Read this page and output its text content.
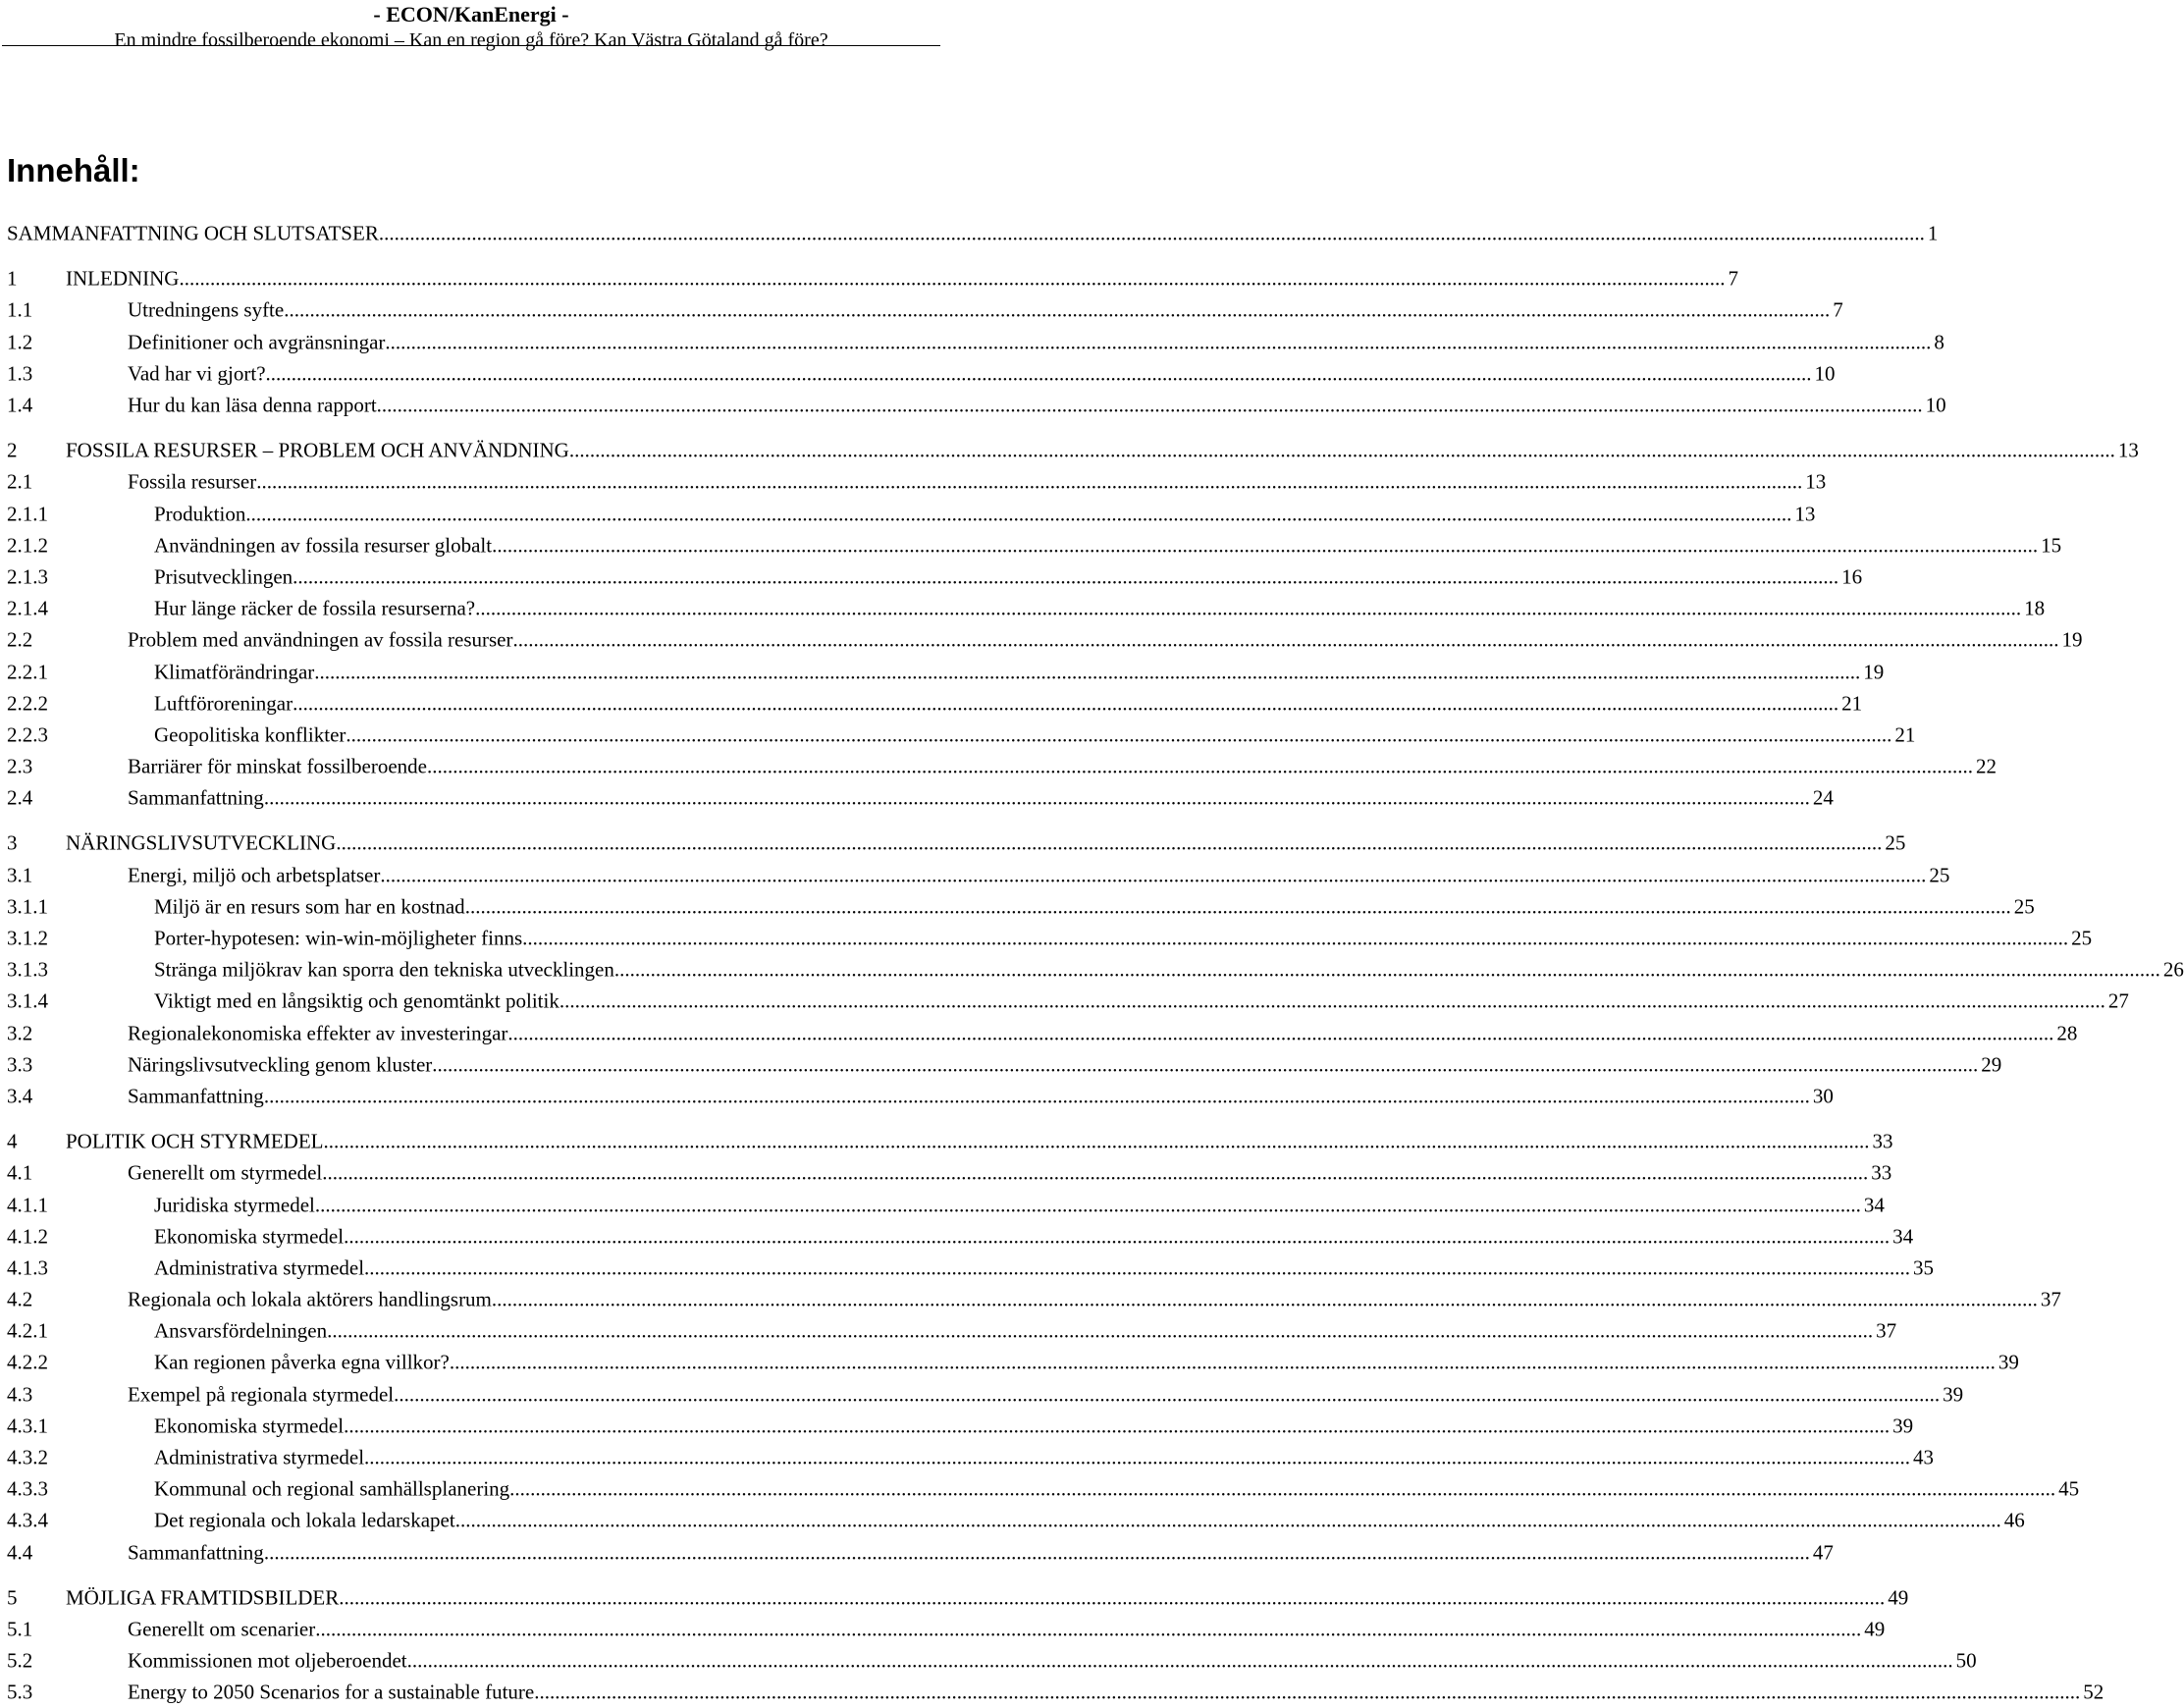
- ECON/KanEnergi -
En mindre fossilberoende ekonomi – Kan en region gå före? Kan Västra Götaland gå före?
Innehåll:
SAMMANFATTNING OCH SLUTSATSER ............................................................................................................................................................................................................................................................................................................ 1
1 INLEDNING ............................................................................................................................................................................................................................................................................................................ 7
1.1	Utredningens syfte ............................................................................................................................................................................................................................................................................................................ 7
1.2	Definitioner och avgränsningar ............................................................................................................................................................................................................................................................................................................ 8
1.3	Vad har vi gjort? ............................................................................................................................................................................................................................................................................................................ 10
1.4	Hur du kan läsa denna rapport ............................................................................................................................................................................................................................................................................................................ 10
2 FOSSILA RESURSER – PROBLEM OCH ANVÄNDNING ............................................................................................................................................................................................................................................................................................................ 13
2.1	Fossila resurser ............................................................................................................................................................................................................................................................................................................ 13
2.1.1	Produktion ............................................................................................................................................................................................................................................................................................................ 13
2.1.2	Användningen av fossila resurser globalt ............................................................................................................................................................................................................................................................................................................ 15
2.1.3	Prisutvecklingen ............................................................................................................................................................................................................................................................................................................ 16
2.1.4	Hur länge räcker de fossila resurserna? ............................................................................................................................................................................................................................................................................................................ 18
2.2	Problem med användningen av fossila resurser ............................................................................................................................................................................................................................................................................................................ 19
2.2.1	Klimatförändringar ............................................................................................................................................................................................................................................................................................................ 19
2.2.2	Luftföroreningar ............................................................................................................................................................................................................................................................................................................ 21
2.2.3	Geopolitiska konflikter ............................................................................................................................................................................................................................................................................................................ 21
2.3	Barriärer för minskat fossilberoende ............................................................................................................................................................................................................................................................................................................ 22
2.4	Sammanfattning ............................................................................................................................................................................................................................................................................................................ 24
3 NÄRINGSLIVSUTVECKLING ............................................................................................................................................................................................................................................................................................................ 25
3.1	Energi, miljö och arbetsplatser ............................................................................................................................................................................................................................................................................................................ 25
3.1.1	Miljö är en resurs som har en kostnad ............................................................................................................................................................................................................................................................................................................ 25
3.1.2	Porter-hypotesen: win-win-möjligheter finns ............................................................................................................................................................................................................................................................................................................ 25
3.1.3	Stränga miljökrav kan sporra den tekniska utvecklingen ............................................................................................................................................................................................................................................................................................................ 26
3.1.4	Viktigt med en långsiktig och genomtänkt politik ............................................................................................................................................................................................................................................................................................................ 27
3.2	Regionalekonomiska effekter av investeringar ............................................................................................................................................................................................................................................................................................................ 28
3.3	Näringslivsutveckling genom kluster ............................................................................................................................................................................................................................................................................................................ 29
3.4	Sammanfattning ............................................................................................................................................................................................................................................................................................................ 30
4 POLITIK OCH STYRMEDEL ............................................................................................................................................................................................................................................................................................................ 33
4.1	Generellt om styrmedel ............................................................................................................................................................................................................................................................................................................ 33
4.1.1	Juridiska styrmedel ............................................................................................................................................................................................................................................................................................................ 34
4.1.2	Ekonomiska styrmedel ............................................................................................................................................................................................................................................................................................................ 34
4.1.3	Administrativa styrmedel ............................................................................................................................................................................................................................................................................................................ 35
4.2	Regionala och lokala aktörers handlingsrum ............................................................................................................................................................................................................................................................................................................ 37
4.2.1	Ansvarsfördelningen ............................................................................................................................................................................................................................................................................................................ 37
4.2.2	Kan regionen påverka egna villkor? ............................................................................................................................................................................................................................................................................................................ 39
4.3	Exempel på regionala styrmedel ............................................................................................................................................................................................................................................................................................................ 39
4.3.1	Ekonomiska styrmedel ............................................................................................................................................................................................................................................................................................................ 39
4.3.2	Administrativa styrmedel ............................................................................................................................................................................................................................................................................................................ 43
4.3.3	Kommunal och regional samhällsplanering ............................................................................................................................................................................................................................................................................................................ 45
4.3.4	Det regionala och lokala ledarskapet ............................................................................................................................................................................................................................................................................................................ 46
4.4	Sammanfattning ............................................................................................................................................................................................................................................................................................................ 47
5 MÖJLIGA FRAMTIDSBILDER ............................................................................................................................................................................................................................................................................................................ 49
5.1	Generellt om scenarier ............................................................................................................................................................................................................................................................................................................ 49
5.2	Kommissionen mot oljeberoendet ............................................................................................................................................................................................................................................................................................................ 50
5.3	Energy to 2050 Scenarios for a sustainable future ............................................................................................................................................................................................................................................................................................................ 52
